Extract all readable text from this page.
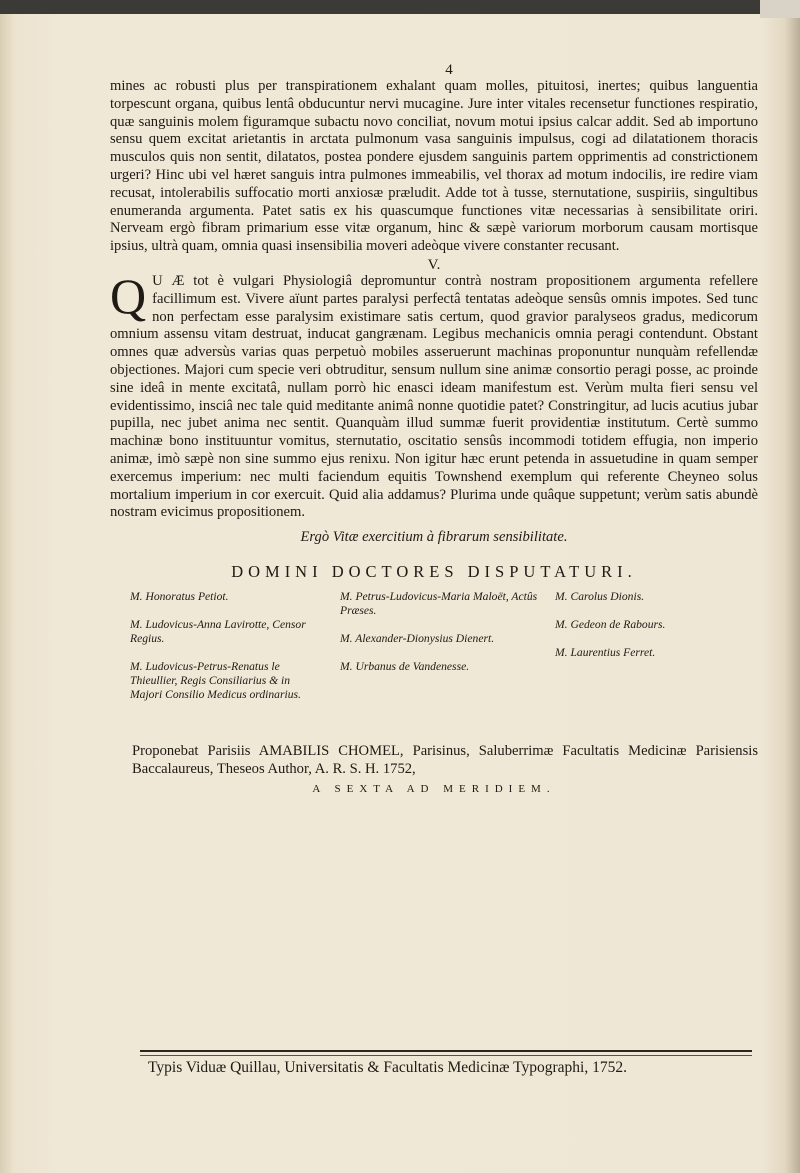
4

mines ac robusti plus per transpirationem exhalant quam molles, pituitosi, inertes; quibus languentia torpescunt organa, quibus lentâ obducuntur nervi mucagine. Jure inter vitales recensetur functiones respiratio, quæ sanguinis molem figuramque subactu novo conciliat, novum motui ipsius calcar addit. Sed ab importuno sensu quem excitat arietantis in arctata pulmonum vasa sanguinis impulsus, cogi ad dilatationem thoracis musculos quis non sentit, dilatatos, postea pondere ejusdem sanguinis partem opprimentis ad constrictionem urgeri? Hinc ubi vel hæret sanguis intra pulmones immeabilis, vel thorax ad motum indocilis, ire redire viam recusat, intolerabilis suffocatio morti anxiosæ præludit. Adde tot à tusse, sternutatione, suspiriis, singultibus enumeranda argumenta. Patet satis ex his quascumque functiones vitæ necessarias à sensibilitate oriri. Nerveam ergò fibram primarium esse vitæ organum, hinc & sæpè variorum morborum causam mortisque ipsius, ultrà quam, omnia quasi insensibilia moveri adeòque vivere constanter recusant.

V.

Q U Æ tot è vulgari Physiologiâ depromuntur contrà nostram propositionem argumenta refellere facillimum est. Vivere aïunt partes paralysi perfectâ tentatas adeòque sensûs omnis impotes. Sed tunc non perfectam esse paralysim existimare satis certum, quod gravior paralyseos gradus, medicorum omnium assensu vitam destruat, inducat gangrænam. Legibus mechanicis omnia peragi contendunt. Obstant omnes quæ adversùs varias quas perpetuò mobiles asseruerunt machinas proponuntur nunquàm refellendæ objectiones. Majori cum specie veri obtruditur, sensum nullum sine animæ consortio peragi posse, ac proinde sine ideâ in mente excitatâ, nullam porrò hic enasci ideam manifestum est. Verùm multa fieri sensu vel evidentissimo, insciâ nec tale quid meditante animâ nonne quotidie patet? Constringitur, ad lucis acutius jubar pupilla, nec jubet anima nec sentit. Quanquàm illud summæ fuerit providentiæ institutum. Certè summo machinæ bono instituuntur vomitus, sternutatio, oscitatio sensûs incommodi totidem effugia, non imperio animæ, imò sæpè non sine summo ejus renixu. Non igitur hæc erunt petenda in assuetudine in quam semper exercemus imperium: nec multi faciendum equitis Townshend exemplum qui referente Cheyneo solus mortalium imperium in cor exercuit. Quid alia addamus? Plurima unde quâque suppetunt; verùm satis abundè nostram evicimus propositionem.

Ergò Vitæ exercitium à fibrarum sensibilitate.
DOMINI DOCTORES DISPUTATURI.
M. Honoratus Petiot.
M. Ludovicus-Anna Lavirotte, Censor Regius.
M. Ludovicus-Petrus-Renatus le Thieullier, Regis Consiliarius & in Majori Consilio Medicus ordinarius.
M. Petrus-Ludovicus-Maria Maloët, Actûs Præses.
M. Alexander-Dionysius Dienert.
M. Urbanus de Vandenesse.
M. Carolus Dionis.
M. Gedeon de Rabours.
M. Laurentius Ferret.

Proponebat Parisiis AMABILIS CHOMEL, Parisinus, Saluberrimæ Facultatis Medicinæ Parisiensis Baccalaureus, Theseos Author, A. R. S. H. 1752,

A SEXTA AD MERIDIEM.
Typis Viduæ Quillau, Universitatis & Facultatis Medicinæ Typographi, 1752.
